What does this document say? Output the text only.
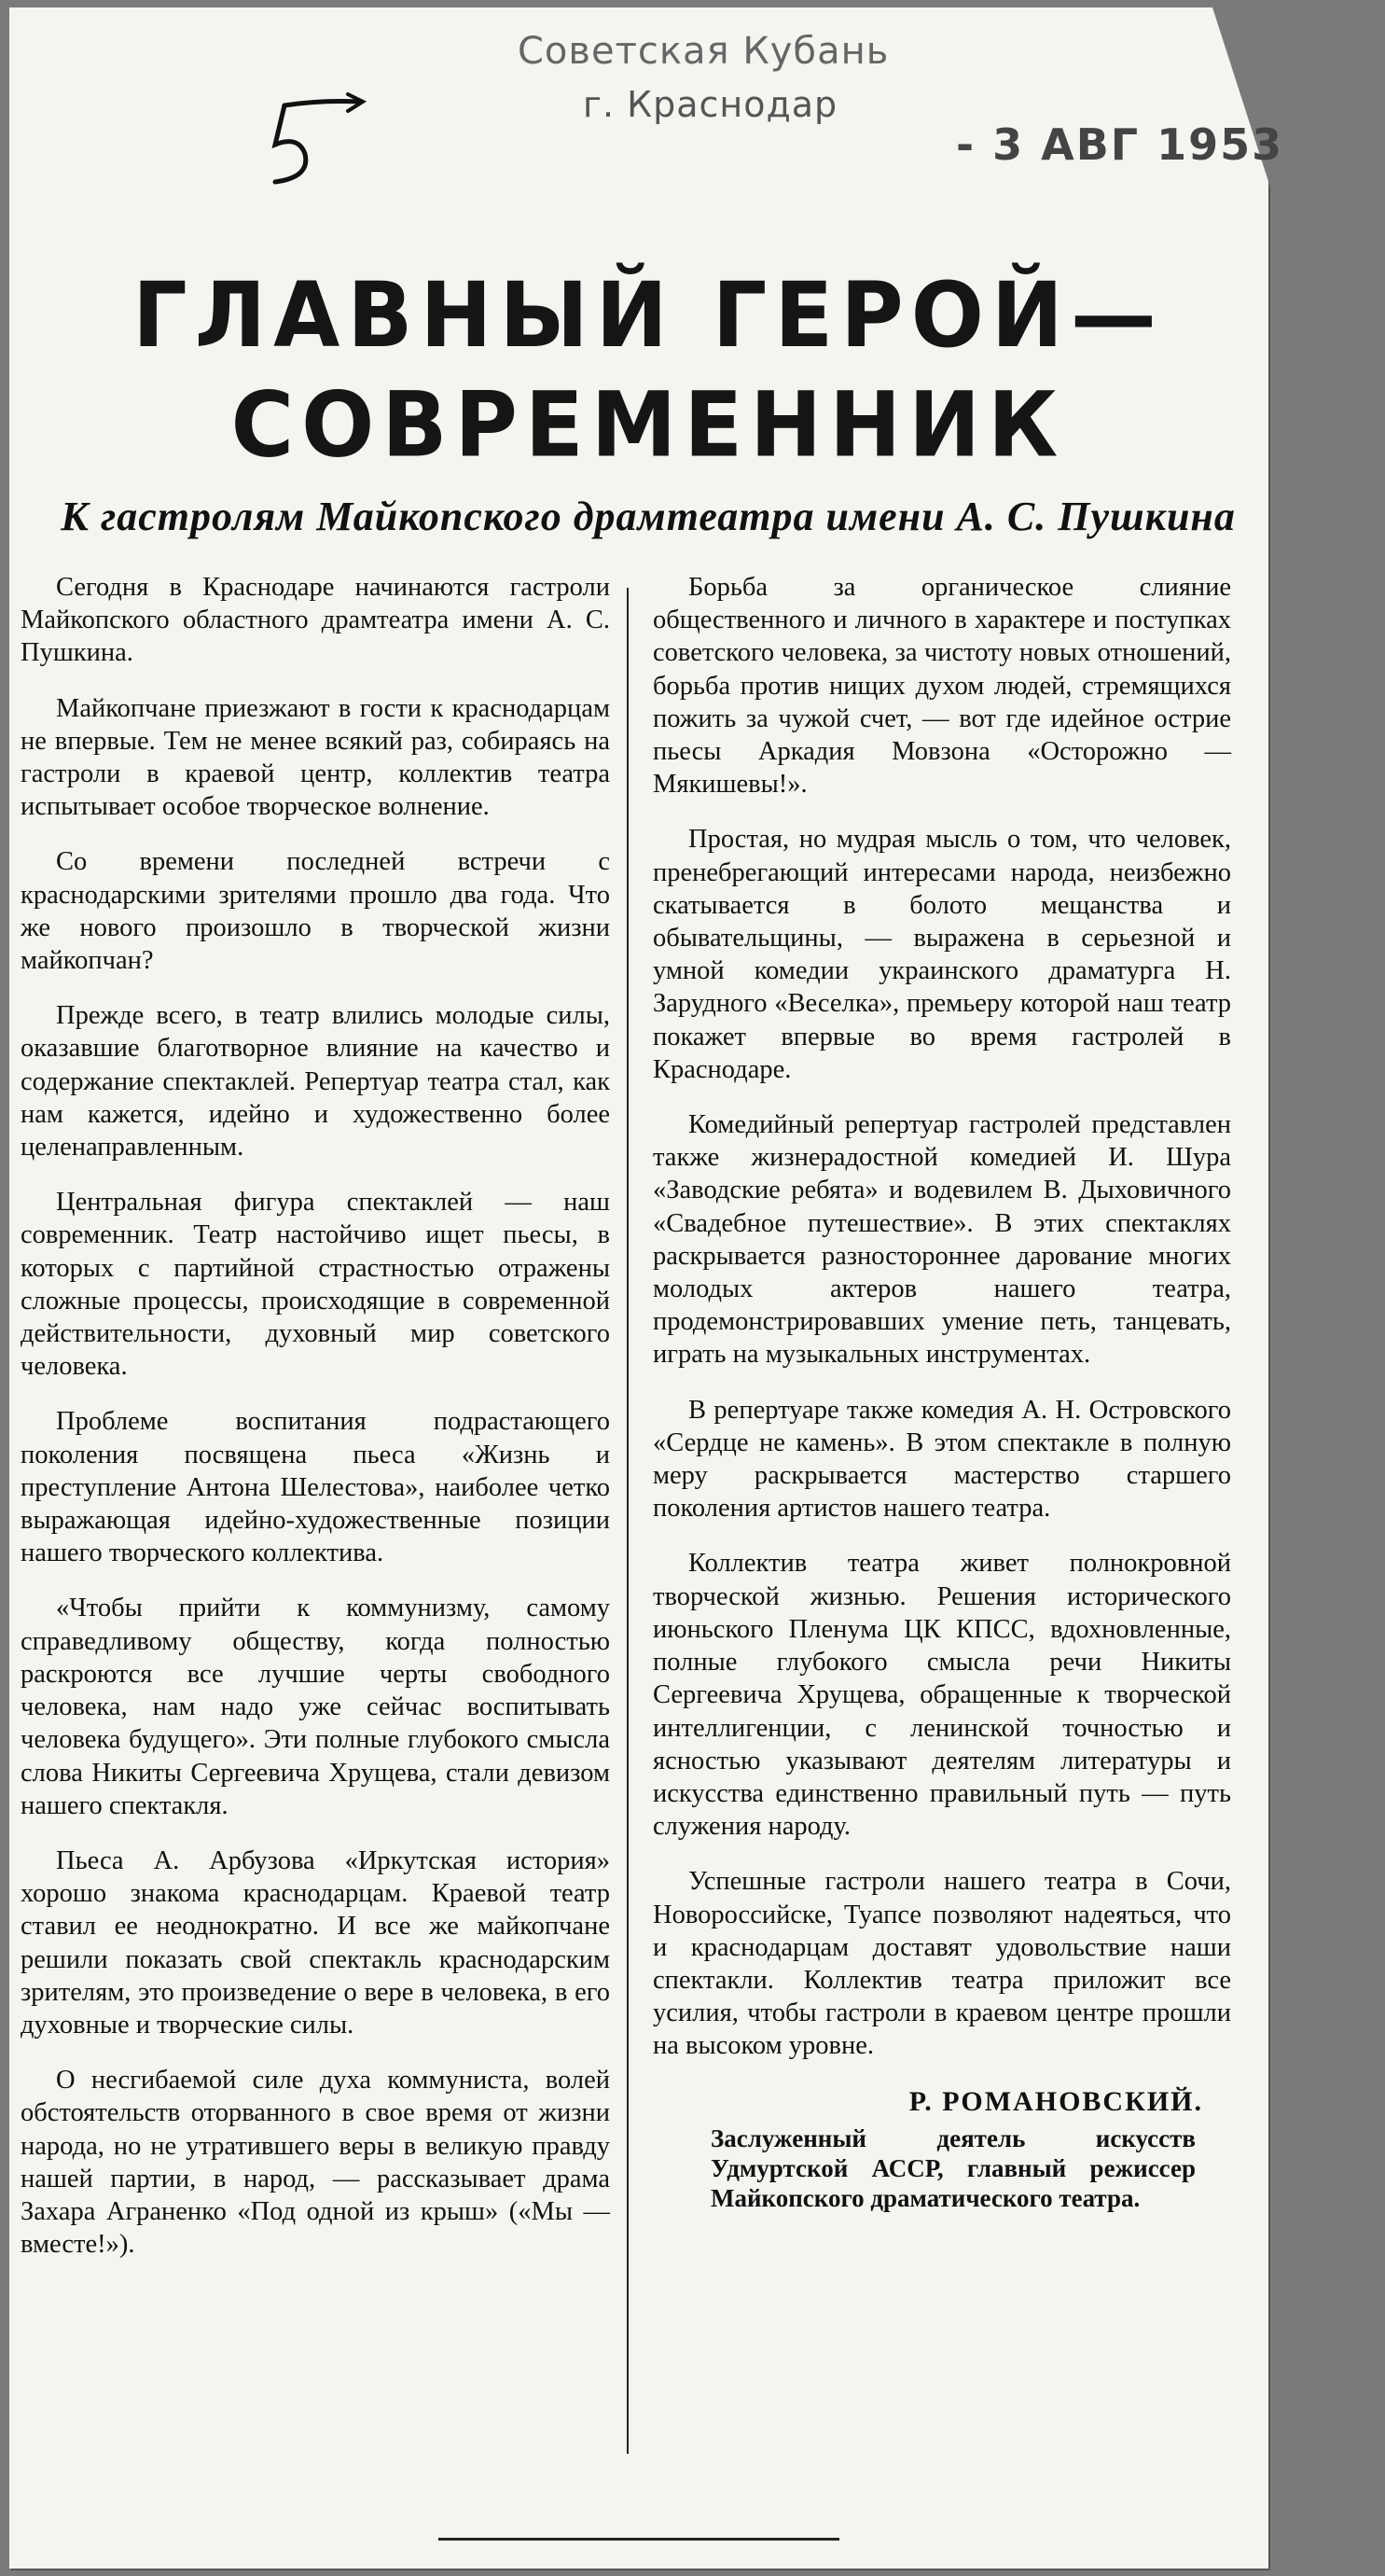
Советская Кубань
г. Краснодар
- 3 АВГ 1953
ГЛАВНЫЙ ГЕРОЙ—
СОВРЕМЕННИК
К гастролям Майкопского драмтеатра имени А. С. Пушкина

Сегодня в Краснодаре начинаются гастроли Майкопского областного драмтеатра имени А. С. Пушкина.

Майкопчане приезжают в гости к краснодарцам не впервые. Тем не менее всякий раз, собираясь на гастроли в краевой центр, коллектив театра испытывает особое творческое волнение.

Со времени последней встречи с краснодарскими зрителями прошло два года. Что же нового произошло в творческой жизни майкопчан?

Прежде всего, в театр влились молодые силы, оказавшие благотворное влияние на качество и содержание спектаклей. Репертуар театра стал, как нам кажется, идейно и художественно более целенаправленным.

Центральная фигура спектаклей — наш современник. Театр настойчиво ищет пьесы, в которых с партийной страстностью отражены сложные процессы, происходящие в современной действительности, духовный мир советского человека.

Проблеме воспитания подрастающего поколения посвящена пьеса «Жизнь и преступление Антона Шелестова», наиболее четко выражающая идейно-художественные позиции нашего творческого коллектива.

«Чтобы прийти к коммунизму, самому справедливому обществу, когда полностью раскроются все лучшие черты свободного человека, нам надо уже сейчас воспитывать человека будущего». Эти полные глубокого смысла слова Никиты Сергеевича Хрущева, стали девизом нашего спектакля.

Пьеса А. Арбузова «Иркутская история» хорошо знакома краснодарцам. Краевой театр ставил ее неоднократно. И все же майкопчане решили показать свой спектакль краснодарским зрителям, это произведение о вере в человека, в его духовные и творческие силы.

О несгибаемой силе духа коммуниста, волей обстоятельств оторванного в свое время от жизни народа, но не утратившего веры в великую правду нашей партии, в народ, — рассказывает драма Захара Аграненко «Под одной из крыш» («Мы — вместе!»).

Борьба за органическое слияние общественного и личного в характере и поступках советского человека, за чистоту новых отношений, борьба против нищих духом людей, стремящихся пожить за чужой счет, — вот где идейное острие пьесы Аркадия Мовзона «Осторожно — Мякишевы!».

Простая, но мудрая мысль о том, что человек, пренебрегающий интересами народа, неизбежно скатывается в болото мещанства и обывательщины, — выражена в серьезной и умной комедии украинского драматурга Н. Зарудного «Веселка», премьеру которой наш театр покажет впервые во время гастролей в Краснодаре.

Комедийный репертуар гастролей представлен также жизнерадостной комедией И. Шура «Заводские ребята» и водевилем В. Дыховичного «Свадебное путешествие». В этих спектаклях раскрывается разностороннее дарование многих молодых актеров нашего театра, продемонстрировавших умение петь, танцевать, играть на музыкальных инструментах.

В репертуаре также комедия А. Н. Островского «Сердце не камень». В этом спектакле в полную меру раскрывается мастерство старшего поколения артистов нашего театра.

Коллектив театра живет полнокровной творческой жизнью. Решения исторического июньского Пленума ЦК КПСС, вдохновленные, полные глубокого смысла речи Никиты Сергеевича Хрущева, обращенные к творческой интеллигенции, с ленинской точностью и ясностью указывают деятелям литературы и искусства единственно правильный путь — путь служения народу.

Успешные гастроли нашего театра в Сочи, Новороссийске, Туапсе позволяют надеяться, что и краснодарцам доставят удовольствие наши спектакли. Коллектив театра приложит все усилия, чтобы гастроли в краевом центре прошли на высоком уровне.

Р. РОМАНОВСКИЙ.
Заслуженный деятель искусств Удмуртской АССР, главный режиссер Майкопского драматического театра.
